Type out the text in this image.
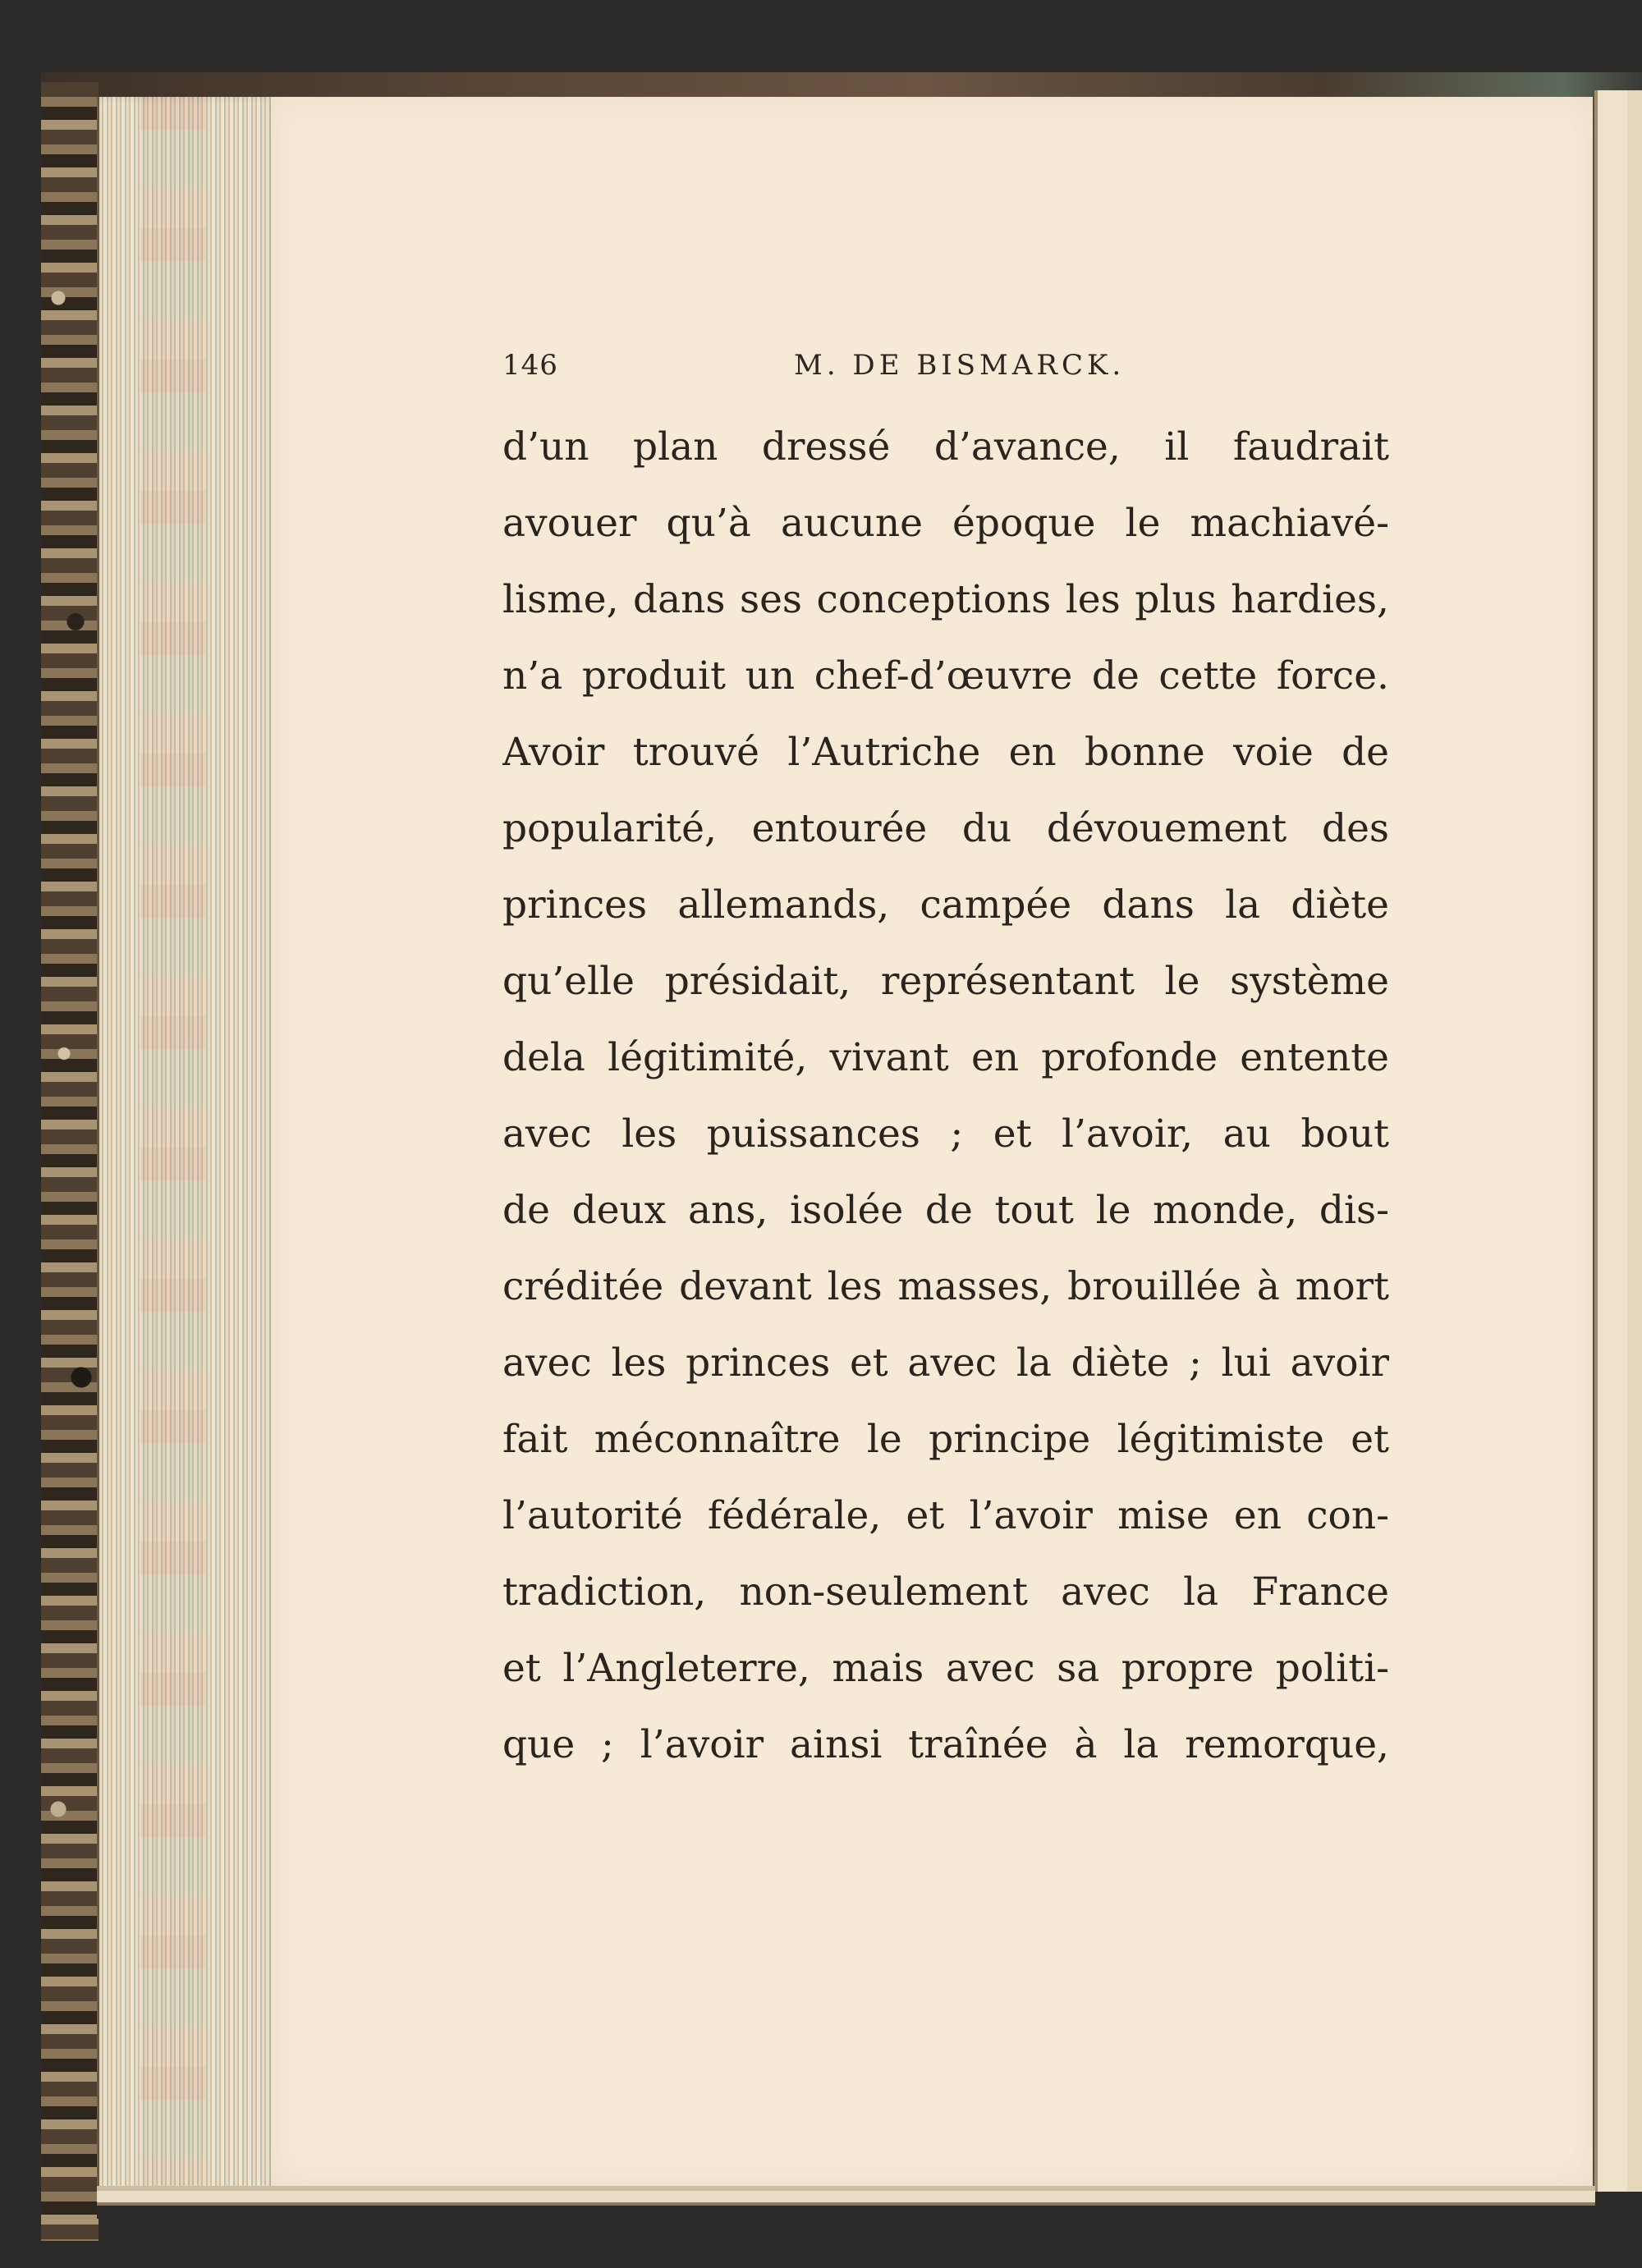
146	M. DE BISMARCK.
d’un plan dressé d’avance, il faudrait
avouer qu’à aucune époque le machiavé-
lisme, dans ses conceptions les plus hardies,
n’a produit un chef-d’œuvre de cette force.
Avoir trouvé l’Autriche en bonne voie de
popularité, entourée du dévouement des
princes allemands, campée dans la diète
qu’elle présidait, représentant le système
dela légitimité, vivant en profonde entente
avec les puissances ; et l’avoir, au bout
de deux ans, isolée de tout le monde, dis-
créditée devant les masses, brouillée à mort
avec les princes et avec la diète ; lui avoir
fait méconnaître le principe légitimiste et
l’autorité fédérale, et l’avoir mise en con-
tradiction, non-seulement avec la France
et l’Angleterre, mais avec sa propre politi-
que ; l’avoir ainsi traînée à la remorque,
